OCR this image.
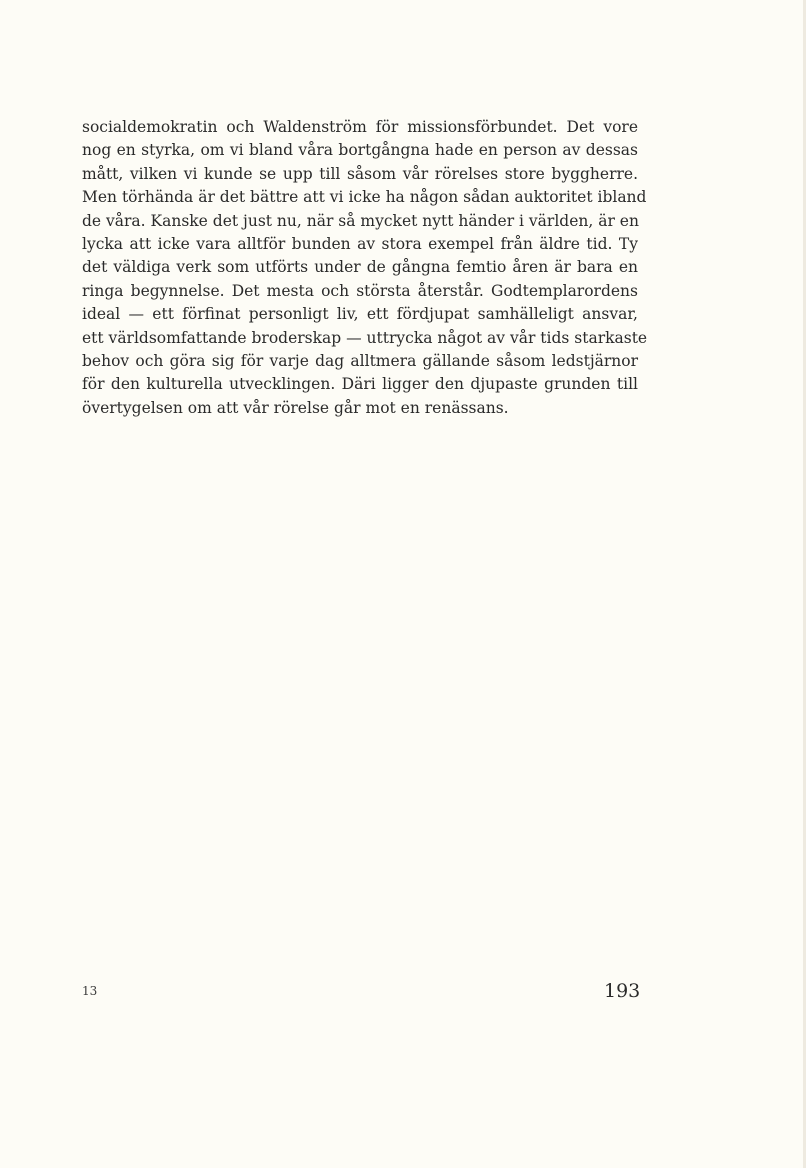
socialdemokratin och Waldenström för missionsförbundet. Det vore
nog en styrka, om vi bland våra bortgångna hade en person av dessas
mått, vilken vi kunde se upp till såsom vår rörelses store byggherre.
Men törhända är det bättre att vi icke ha någon sådan auktoritet ibland
de våra. Kanske det just nu, när så mycket nytt händer i världen, är en
lycka att icke vara alltför bunden av stora exempel från äldre tid. Ty
det väldiga verk som utförts under de gångna femtio åren är bara en
ringa begynnelse. Det mesta och största återstår. Godtemplarordens
ideal — ett förfinat personligt liv, ett fördjupat samhälleligt ansvar,
ett världsomfattande broderskap — uttrycka något av vår tids starkaste
behov och göra sig för varje dag alltmera gällande såsom ledstjärnor
för den kulturella utvecklingen. Däri ligger den djupaste grunden till
övertygelsen om att vår rörelse går mot en renässans.

13	193
